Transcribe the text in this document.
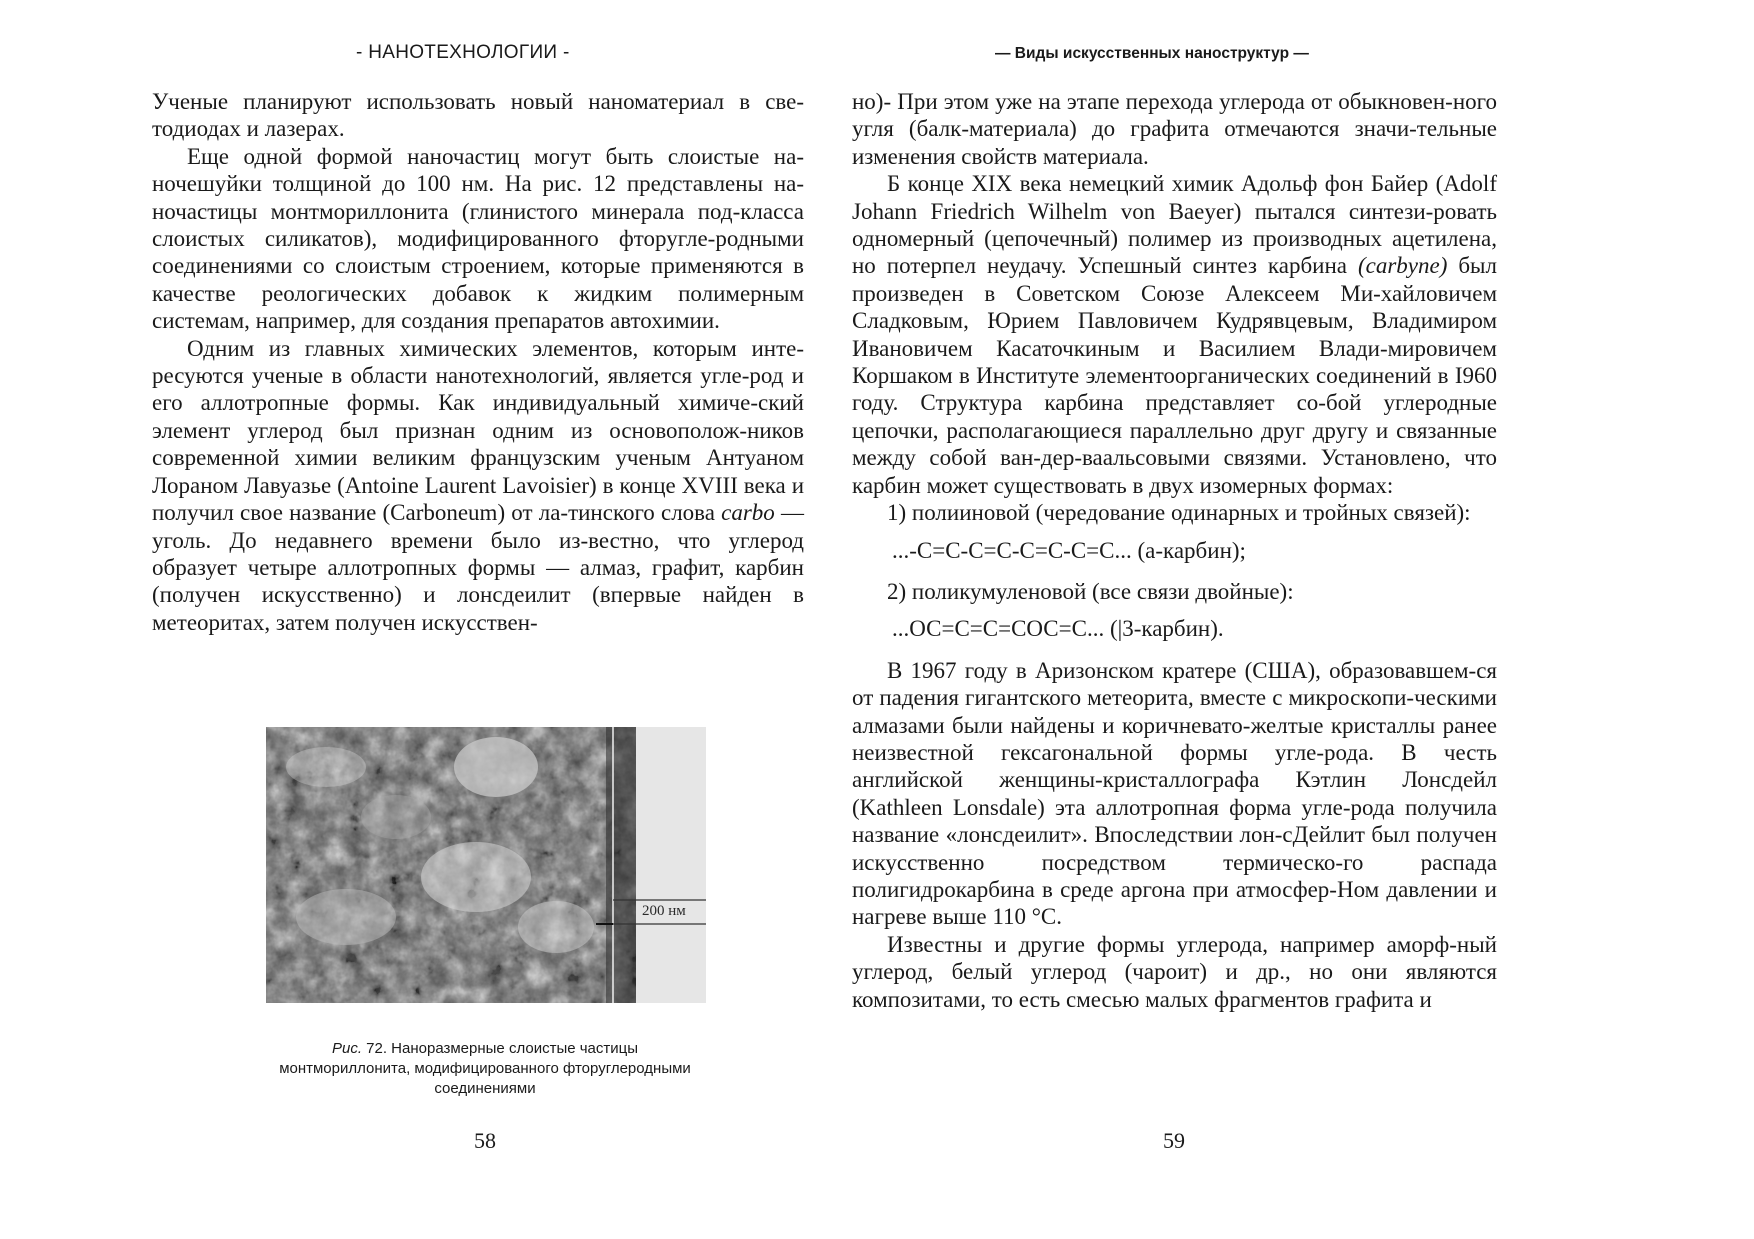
- НАНОТЕХНОЛОГИИ -

Ученые планируют использовать новый наноматериал в све-тодиодах и лазерах.

Еще одной формой наночастиц могут быть слоистые на-ночешуйки толщиной до 100 нм. На рис. 12 представлены на-ночастицы монтмориллонита (глинистого минерала под-класса слоистых силикатов), модифицированного фторугле-родными соединениями со слоистым строением, которые применяются в качестве реологических добавок к жидким полимерным системам, например, для создания препаратов автохимии.

Одним из главных химических элементов, которым инте-ресуются ученые в области нанотехнологий, является угле-род и его аллотропные формы. Как индивидуальный химиче-ский элемент углерод был признан одним из основополож-ников современной химии великим французским ученым Антуаном Лораном Лавуазье (Antoine Laurent Lavoisier) в конце XVIII века и получил свое название (Carboneum) от ла-тинского слова carbo — уголь. До недавнего времени было из-вестно, что углерод образует четыре аллотропных формы — алмаз, графит, карбин (получен искусственно) и лонсдеилит (впервые найден в метеоритах, затем получен искусствен-

200 нм
Рис. 72. Наноразмерные слоистые частицы монтмориллонита, модифицированного фторуглеродными соединениями
58
— Виды искусственных наноструктур —
59

но)- При этом уже на этапе перехода углерода от обыкновен-ного угля (балк-материала) до графита отмечаются значи-тельные изменения свойств материала.

Б конце XIX века немецкий химик Адольф фон Байер (Adolf Johann Friedrich Wilhelm von Baeyer) пытался синтези-ровать одномерный (цепочечный) полимер из производных ацетилена, но потерпел неудачу. Успешный синтез карбина (carbyne) был произведен в Советском Союзе Алексеем Ми-хайловичем Сладковым, Юрием Павловичем Кудрявцевым, Владимиром Ивановичем Касаточкиным и Василием Влади-мировичем Коршаком в Институте элементоорганических соединений в I960 году. Структура карбина представляет со-бой углеродные цепочки, располагающиеся параллельно друг другу и связанные между собой ван-дер-ваальсовыми связями. Установлено, что карбин может существовать в двух изомерных формах:

1) полииновой (чередование одинарных и тройных связей):

...-С=С-С=С-С=С-С=С... (а-карбин);

2) поликумуленовой (все связи двойные):

...ОС=С=С=СОС=С... (|3-карбин).

В 1967 году в Аризонском кратере (США), образовавшем-ся от падения гигантского метеорита, вместе с микроскопи-ческими алмазами были найдены и коричневато-желтые кристаллы ранее неизвестной гексагональной формы угле-рода. В честь английской женщины-кристаллографа Кэтлин Лонсдейл (Kathleen Lonsdale) эта аллотропная форма угле-рода получила название «лонсдеилит». Впоследствии лон-сДейлит был получен искусственно посредством термическо-го распада полигидрокарбина в среде аргона при атмосфер-Ном давлении и нагреве выше 110 °С.

Известны и другие формы углерода, например аморф-ный углерод, белый углерод (чароит) и др., но они являются композитами, то есть смесью малых фрагментов графита и
